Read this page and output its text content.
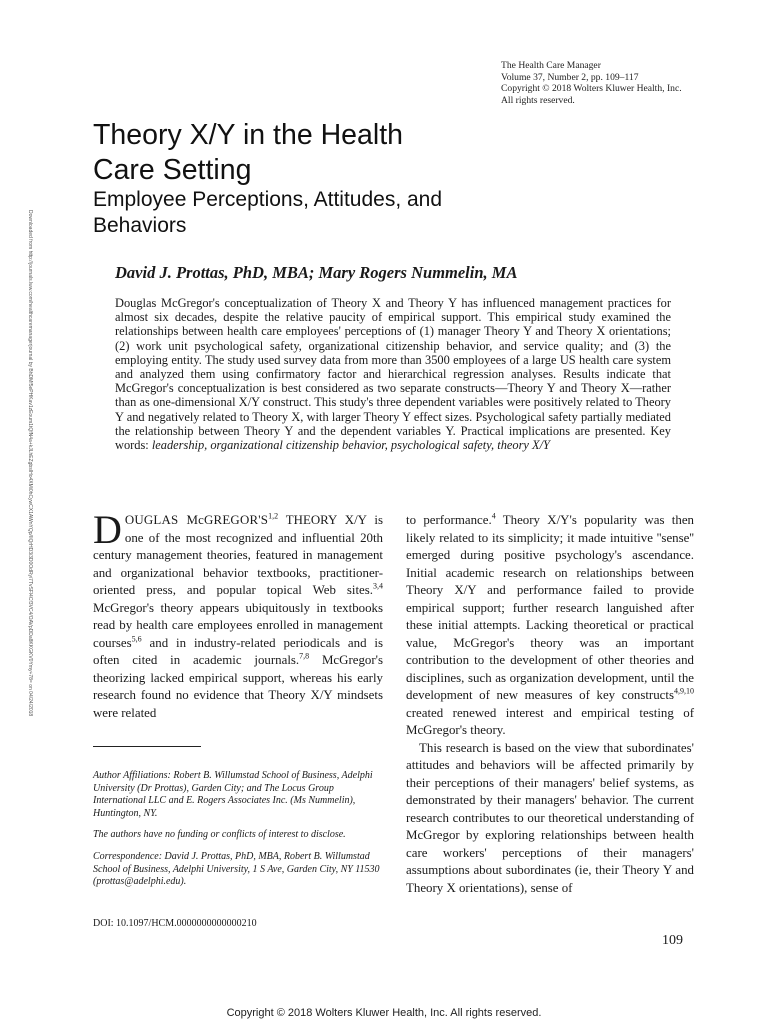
Downloaded from http://journals.lww.com/healthcaremanagerjournal by BhDMf5ePHKav1zEoum1tQfN4a+kJLhEZgbsIHo4XMi0hCywCX1AWnYQp/IlQrHD3i3D0OdRyi7TvSFl4Cf3VC4/OAVpDDa8KKGKV0Ymy+78= on 04/24/2018
The Health Care Manager
Volume 37, Number 2, pp. 109–117
Copyright © 2018 Wolters Kluwer Health, Inc.
All rights reserved.
Theory X/Y in the Health
Care Setting
Employee Perceptions, Attitudes, and Behaviors
David J. Prottas, PhD, MBA; Mary Rogers Nummelin, MA
Douglas McGregor's conceptualization of Theory X and Theory Y has influenced management practices for almost six decades, despite the relative paucity of empirical support. This empirical study examined the relationships between health care employees' perceptions of (1) manager Theory Y and Theory X orientations; (2) work unit psychological safety, organizational citizenship behavior, and service quality; and (3) the employing entity. The study used survey data from more than 3500 employees of a large US health care system and analyzed them using confirmatory factor and hierarchical regression analyses. Results indicate that McGregor's conceptualization is best considered as two separate constructs—Theory Y and Theory X—rather than as one-dimensional X/Y construct. This study's three dependent variables were positively related to Theory Y and negatively related to Theory X, with larger Theory Y effect sizes. Psychological safety partially mediated the relationship between Theory Y and the dependent variables Y. Practical implications are presented. Key words: leadership, organizational citizenship behavior, psychological safety, theory X/Y

DOUGLAS $McGREGOR'S^{1,2}$ THEORY X/Y is one of the most recognized and influential 20th century management theories, featured in management and organizational behavior textbooks, practitioner-oriented press, and popular topical Web sites.$^{3,4}$ McGregor's theory appears ubiquitously in textbooks read by health care employees enrolled in management courses$^{5,6}$ and in industry-related periodicals and is often cited in academic journals.$^{7,8}$ McGregor's theorizing lacked empirical support, whereas his early research found no evidence that Theory X/Y mindsets were related

Author Affiliations: Robert B. Willumstad School of Business, Adelphi University (Dr Prottas), Garden City; and The Locus Group International LLC and E. Rogers Associates Inc. (Ms Nummelin), Huntington, NY.

The authors have no funding or conflicts of interest to disclose.

Correspondence: David J. Prottas, PhD, MBA, Robert B. Willumstad School of Business, Adelphi University, 1 S Ave, Garden City, NY 11530 (prottas@adelphi.edu).

DOI: 10.1097/HCM.0000000000000210

to performance.$^4$ Theory X/Y's popularity was then likely related to its simplicity; it made intuitive ''sense'' emerged during positive psychology's ascendance. Initial academic research on relationships between Theory X/Y and performance failed to provide empirical support; further research languished after these initial attempts. Lacking theoretical or practical value, McGregor's theory was an important contribution to the development of other theories and disciplines, such as organization development, until the development of new measures of key constructs$^{4,9,10}$ created renewed interest and empirical testing of McGregor's theory.

This research is based on the view that subordinates' attitudes and behaviors will be affected primarily by their perceptions of their managers' belief systems, as demonstrated by their managers' behavior. The current research contributes to our theoretical understanding of McGregor by exploring relationships between health care workers' perceptions of their managers' assumptions about subordinates (ie, their Theory Y and Theory X orientations), sense of

109
Copyright © 2018 Wolters Kluwer Health, Inc. All rights reserved.
